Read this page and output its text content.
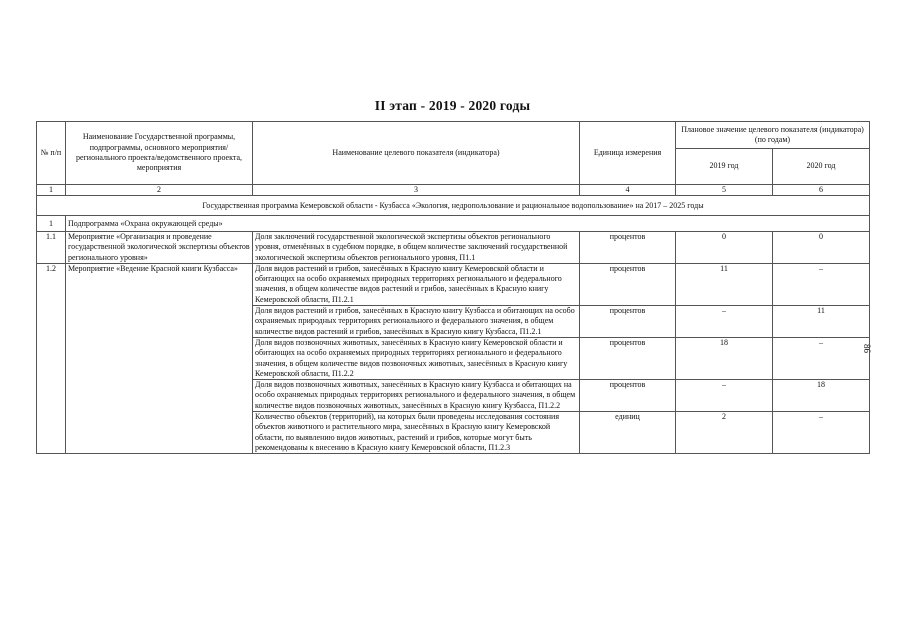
II этап - 2019 - 2020 годы
86
№ п/п	Наименование Государственной программы, подпрограммы, основного мероприятия/регионального проекта/ведомственного проекта, мероприятия	Наименование целевого показателя (индикатора)	Единица измерения	Плановое значение целевого показателя (индикатора) (по годам)	
				2019 год	2020 год
1	2	3	4	5	6
Государственная программа Кемеровской области - Кузбасса «Экология, недропользование и рациональное водопользование» на 2017 – 2025 годы					
1	Подпрограмма «Охрана окружающей среды»				
1.1	Мероприятие «Организация и проведение государственной экологической экспертизы объектов регионального уровня»	Доля заключений государственной экологической экспертизы объектов регионального уровня, отменённых в судебном порядке, в общем количестве заключений государственной экологической экспертизы объектов регионального уровня, П1.1	процентов	0	0
1.2	Мероприятие «Ведение Красной книги Кузбасса»	Доля видов растений и грибов, занесённых в Красную книгу Кемеровской области и обитающих на особо охраняемых природных территориях регионального и федерального значения, в общем количестве видов растений и грибов, занесённых в Красную книгу Кемеровской области, П1.2.1	процентов	11	–
		Доля видов растений и грибов, занесённых в Красную книгу Кузбасса и обитающих на особо охраняемых природных территориях регионального и федерального значения, в общем количестве видов растений и грибов, занесённых в Красную книгу Кузбасса, П1.2.1	процентов	–	11
		Доля видов позвоночных животных, занесённых в Красную книгу Кемеровской области и обитающих на особо охраняемых природных территориях регионального и федерального значения, в общем количестве видов позвоночных животных, занесённых в Красную книгу Кемеровской области, П1.2.2	процентов	18	–
		Доля видов позвоночных животных, занесённых в Красную книгу Кузбасса и обитающих на особо охраняемых природных территориях регионального и федерального значения, в общем количестве видов позвоночных животных, занесённых в Красную книгу Кузбасса, П1.2.2	процентов	–	18
		Количество объектов (территорий), на которых были проведены исследования состояния объектов животного и растительного мира, занесённых в Красную книгу Кемеровской области, по выявлению видов животных, растений и грибов, которые могут быть рекомендованы к внесению в Красную книгу Кемеровской области, П1.2.3	единиц	2	–
